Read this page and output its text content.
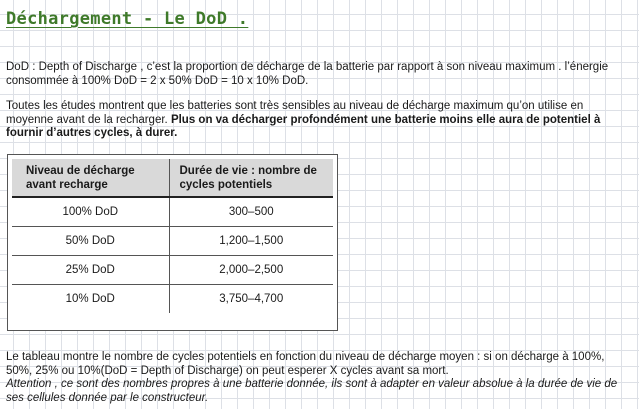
Déchargement - Le DoD .

DoD : Depth of Discharge , c’est la proportion de décharge de la batterie par rapport à son niveau maximum . l’énergie consommée à 100% DoD = 2 x 50% DoD = 10 x 10% DoD.

Toutes les études montrent que les batteries sont très sensibles au niveau de décharge maximum qu’on utilise en moyenne avant de la recharger. Plus on va décharger profondément une batterie moins elle aura de potentiel à fournir d’autres cycles, à durer.

Niveau de décharge avant recharge	Durée de vie : nombre de cycles potentiels
100% DoD	300–500
50% DoD	1,200–1,500
25% DoD	2,000–2,500
10% DoD	3,750–4,700

Le tableau montre le nombre de cycles potentiels en fonction du niveau de décharge moyen : si on décharge à 100%, 50%, 25% ou 10%(DoD = Depth of Discharge) on peut esperer X cycles avant sa mort.
Attention , ce sont des nombres propres à une batterie donnée, ils sont à adapter en valeur absolue à la durée de vie de ses cellules donnée par le constructeur.
